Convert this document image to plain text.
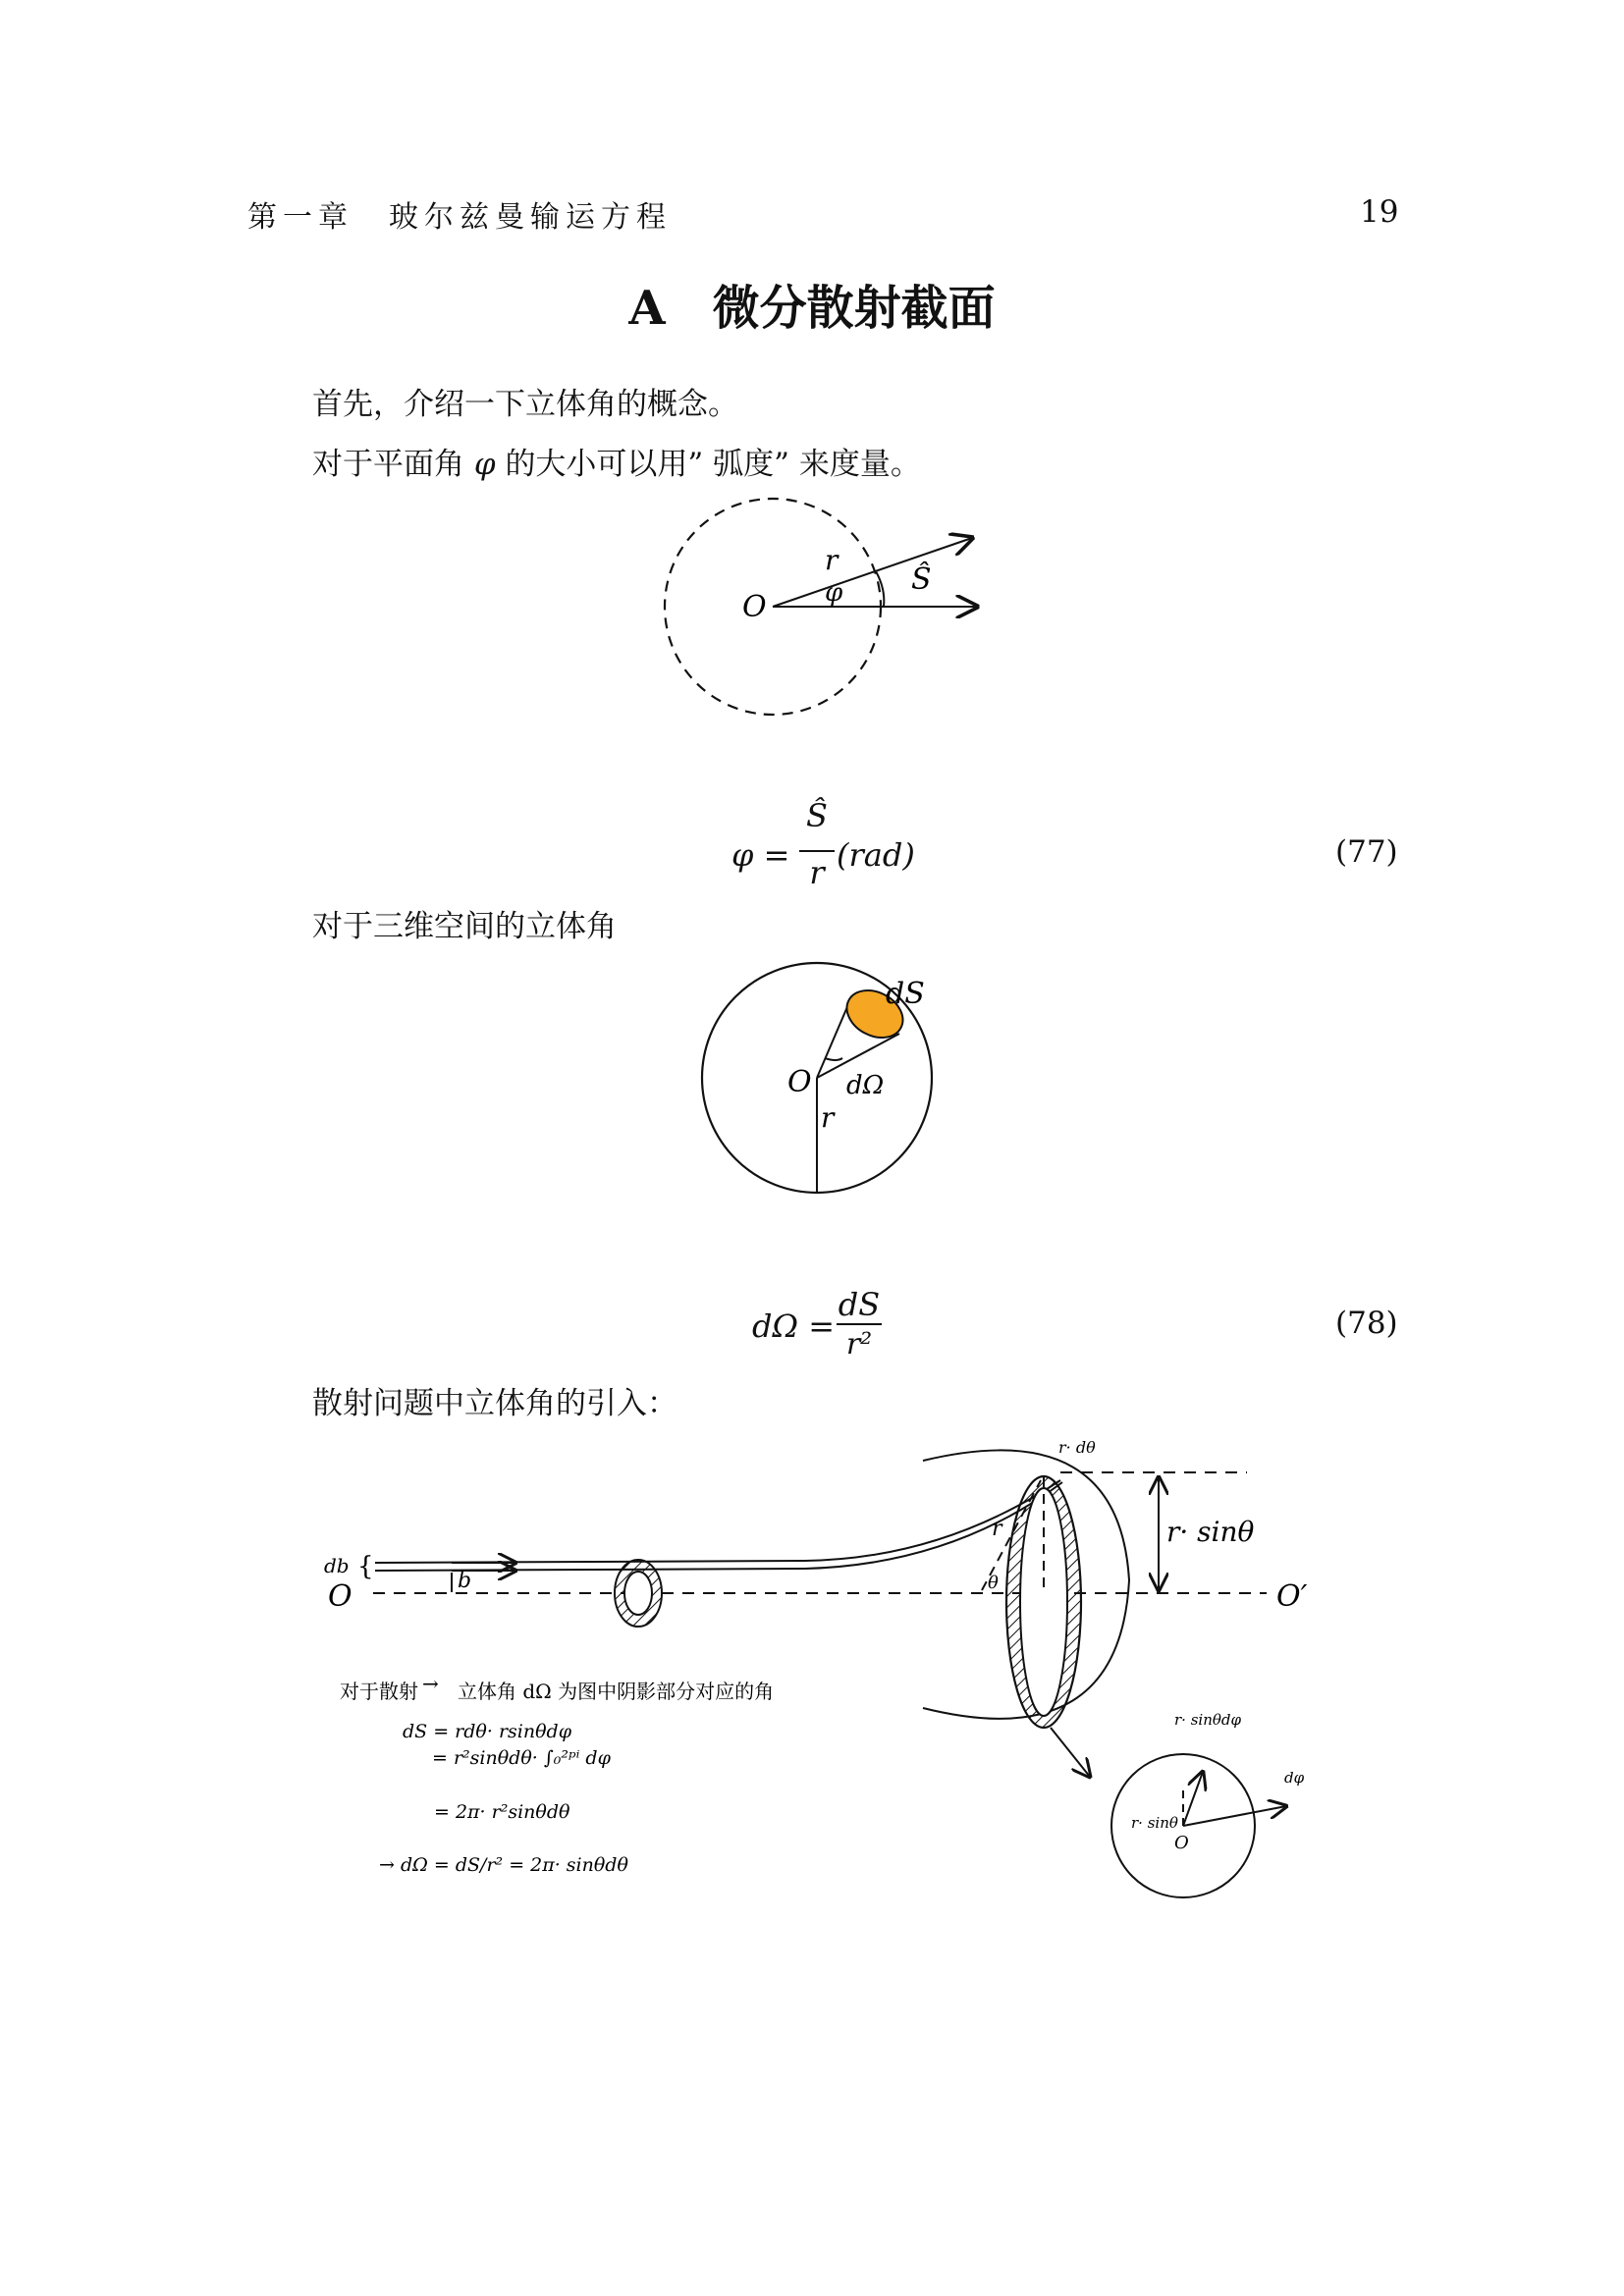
第一章　玻尔兹曼输运方程	19
A 微分散射截面
首先，介绍一下立体角的概念。
对于平面角 φ 的大小可以用” 弧度” 来度量。
O
r
φ Ŝ
φ =
Ŝ
r (rad)	(77)
对于三维空间的立体角
dS
O dΩ
r
dΩ =
dS
r²
(78)
散射问题中立体角的引入：
b
db {
O	O′
r
θ
r· sinθ
r· dθ
对于散射 → 立体角 dΩ 为图中阴影部分对应的角
dS = rdθ· rsinθdφ
= r²sinθdθ· ∫₀²ᵖⁱ dφ
= 2π· r²sinθdθ
→ dΩ = dS/r² = 2π· sinθdθ
r· sinθdφ
r· sinθ
O
dφ
